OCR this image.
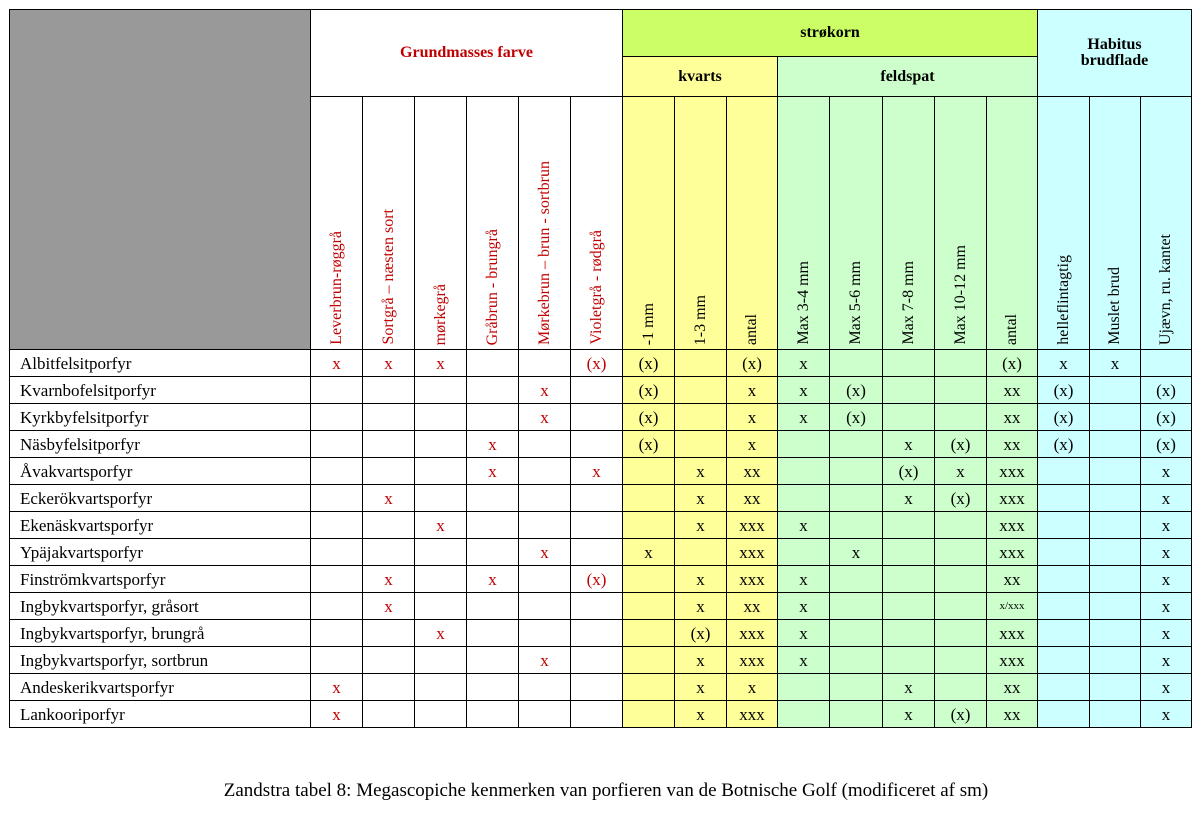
	Grundmasses farve						strøkorn								Habitus
brudflade		
							kvarts			feldspat							
	Leverbrun-røggrå	Sortgrå – næsten sort	mørkegrå	Gråbrun - brungrå	Mørkebrun – brun - sortbrun	Violetgrå - rødgrå	-1 mm	1-3 mm	antal	Max 3-4 mm	Max 5-6 mm	Max 7-8 mm	Max 10-12 mm	antal	helleflintagtig	Muslet brud	Ujævn, ru. kantet
Albitfelsitporfyr	x	x	x			(x)	(x)		(x)	x				(x)	x	x	
Kvarnbofelsitporfyr					x		(x)		x	x	(x)			xx	(x)		(x)
Kyrkbyfelsitporfyr					x		(x)		x	x	(x)			xx	(x)		(x)
Näsbyfelsitporfyr				x			(x)		x			x	(x)	xx	(x)		(x)
Åvakvartsporfyr				x		x		x	xx			(x)	x	xxx			x
Eckerökvartsporfyr		x						x	xx			x	(x)	xxx			x
Ekenäskvartsporfyr			x					x	xxx	x				xxx			x
Ypäjakvartsporfyr					x		x		xxx		x			xxx			x
Finströmkvartsporfyr		x		x		(x)		x	xxx	x				xx			x
Ingbykvartsporfyr, gråsort		x						x	xx	x				x/xxx			x
Ingbykvartsporfyr, brungrå			x					(x)	xxx	x				xxx			x
Ingbykvartsporfyr, sortbrun					x			x	xxx	x				xxx			x
Andeskerikvartsporfyr	x							x	x			x		xx			x
Lankooriporfyr	x							x	xxx			x	(x)	xx			x
Zandstra tabel 8: Megascopiche kenmerken van porfieren van de Botnische Golf (modificeret af sm)
